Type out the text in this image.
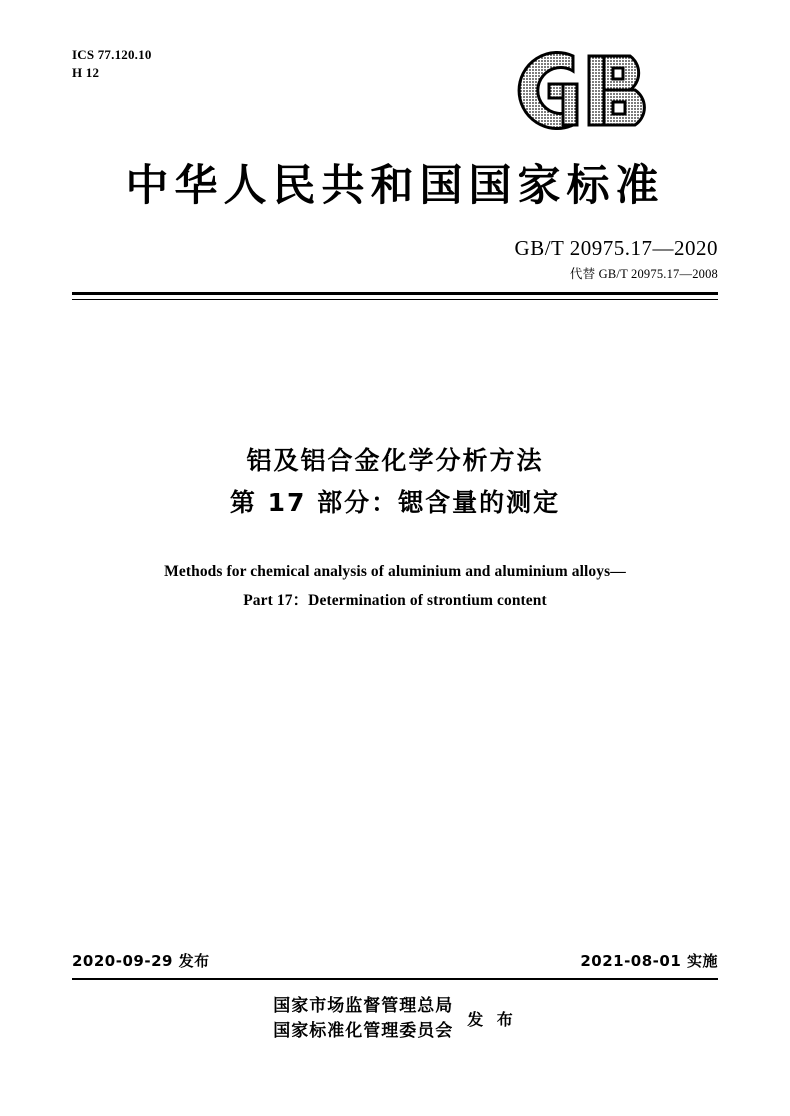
ICS 77.120.10
H 12
中华人民共和国国家标准
GB/T 20975.17—2020
代替 GB/T 20975.17—2008
铝及铝合金化学分析方法
第 17 部分：锶含量的测定
Methods for chemical analysis of aluminium and aluminium alloys—
Part 17：Determination of strontium content
2020-09-29 发布	2021-08-01 实施
国家市场监督管理总局
国家标准化管理委员会
发 布
